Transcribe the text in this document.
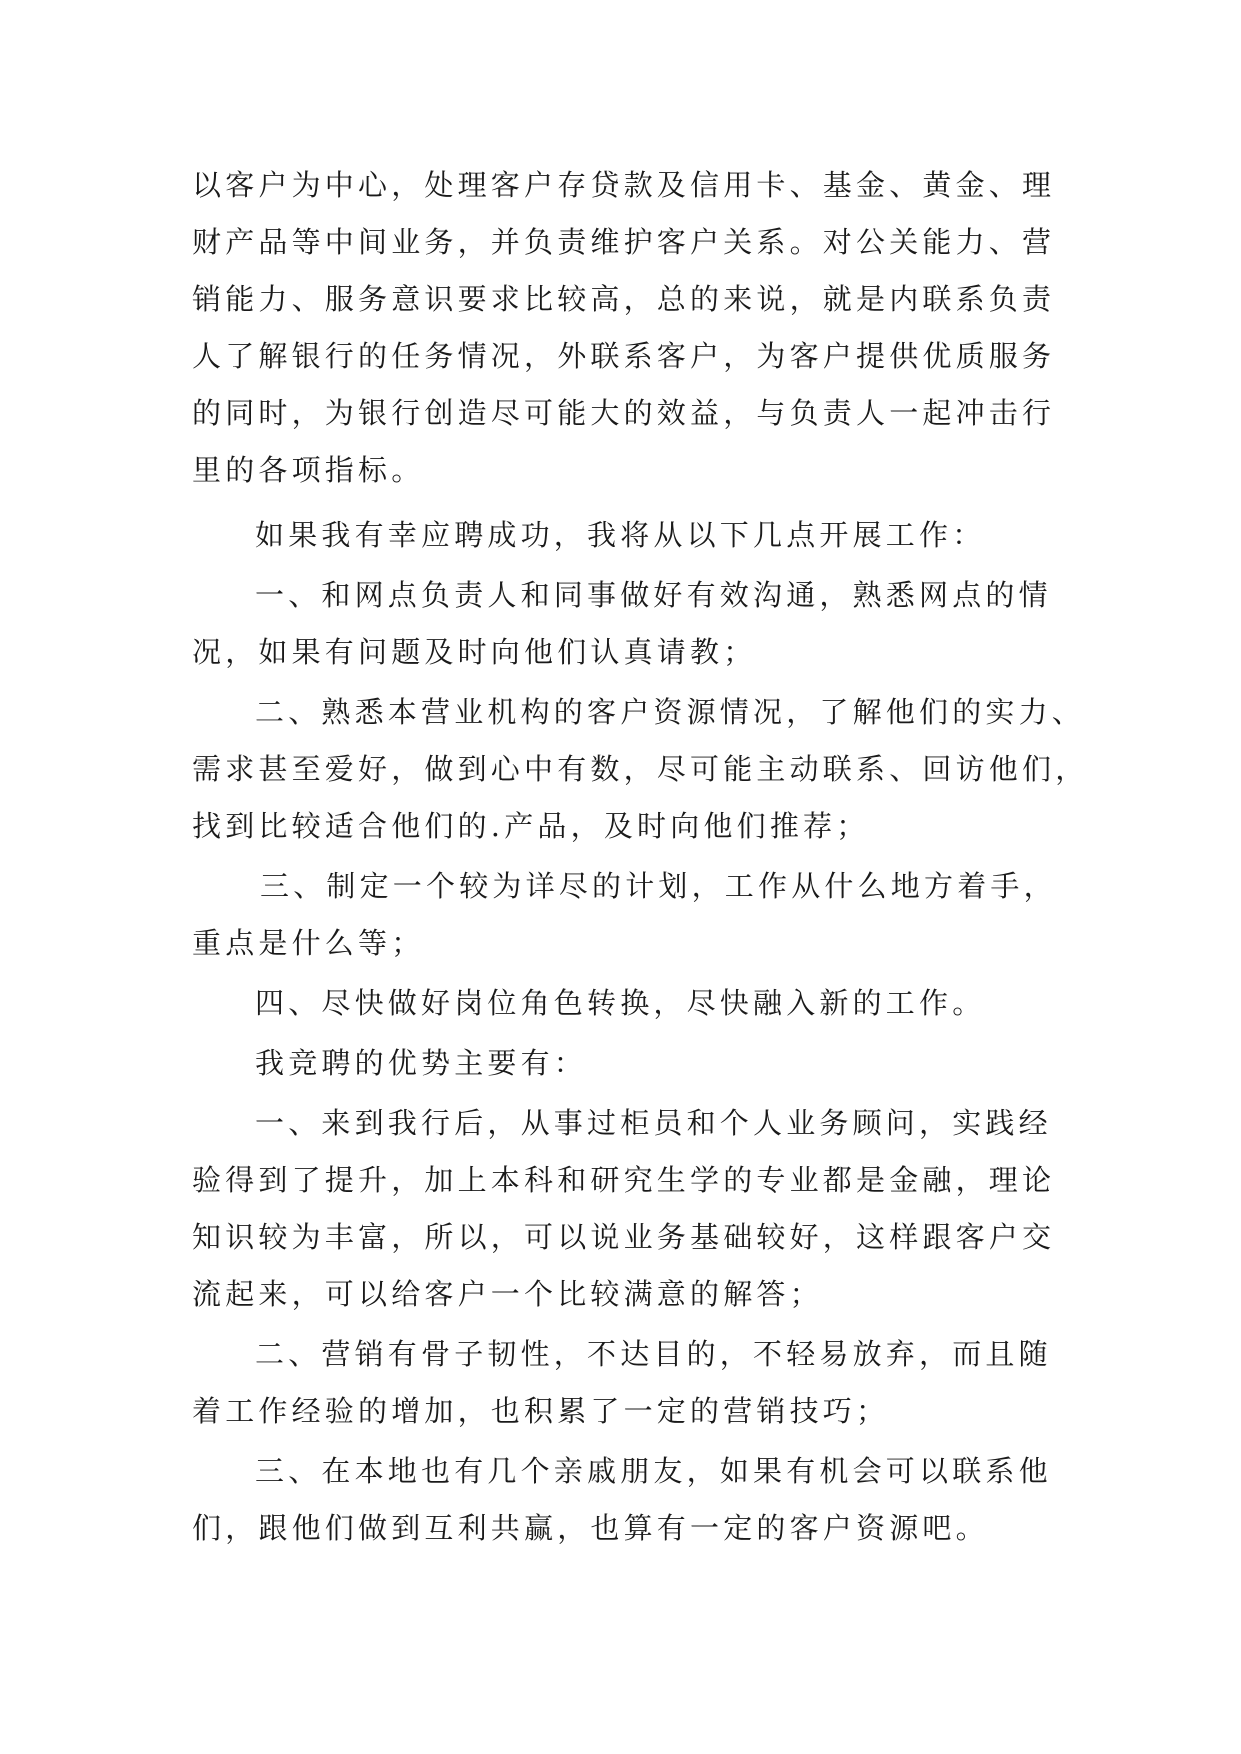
以客户为中心，处理客户存贷款及信用卡、基金、黄金、理

财产品等中间业务，并负责维护客户关系。对公关能力、营

销能力、服务意识要求比较高，总的来说，就是内联系负责

人了解银行的任务情况，外联系客户，为客户提供优质服务

的同时，为银行创造尽可能大的效益，与负责人一起冲击行

里的各项指标。

如果我有幸应聘成功，我将从以下几点开展工作：

一、和网点负责人和同事做好有效沟通，熟悉网点的情

况，如果有问题及时向他们认真请教；

二、熟悉本营业机构的客户资源情况，了解他们的实力、

需求甚至爱好，做到心中有数，尽可能主动联系、回访他们，

找到比较适合他们的.产品，及时向他们推荐；

三、制定一个较为详尽的计划，工作从什么地方着手，

重点是什么等；

四、尽快做好岗位角色转换，尽快融入新的工作。

我竞聘的优势主要有：

一、来到我行后，从事过柜员和个人业务顾问，实践经

验得到了提升，加上本科和研究生学的专业都是金融，理论

知识较为丰富，所以，可以说业务基础较好，这样跟客户交

流起来，可以给客户一个比较满意的解答；

二、营销有骨子韧性，不达目的，不轻易放弃，而且随

着工作经验的增加，也积累了一定的营销技巧；

三、在本地也有几个亲戚朋友，如果有机会可以联系他

们，跟他们做到互利共赢，也算有一定的客户资源吧。
